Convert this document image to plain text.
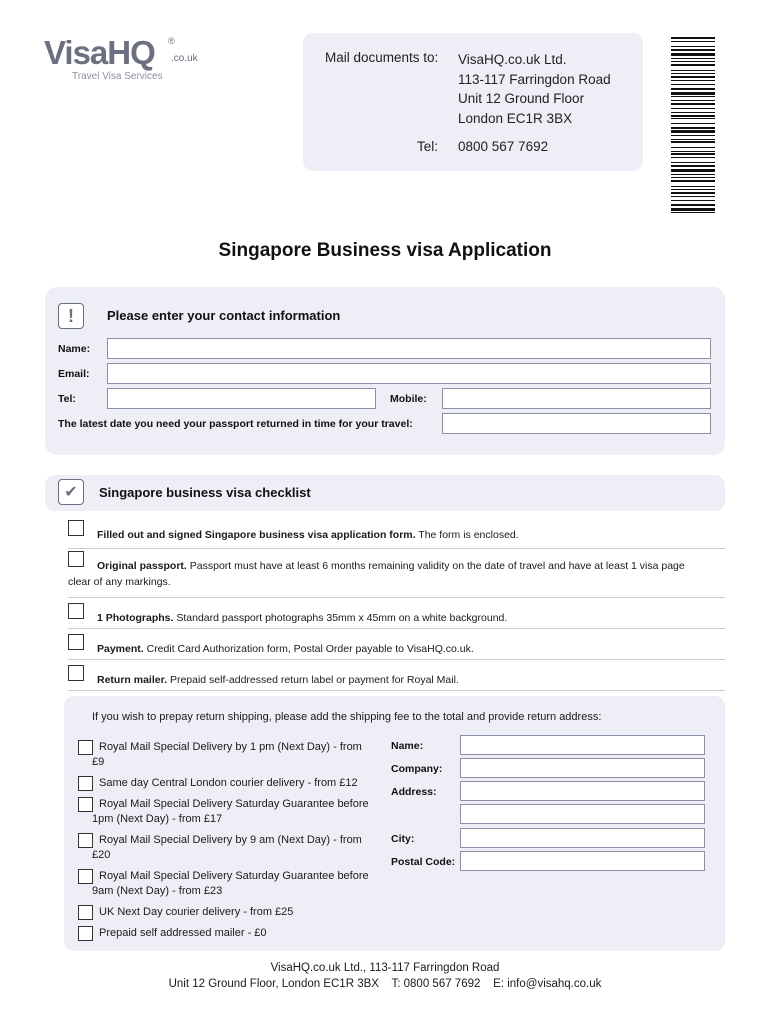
VisaHQ ®
.co.uk
Travel Visa Services
Mail documents to: VisaHQ.co.uk Ltd.
113-117 Farringdon Road
Unit 12 Ground Floor
London EC1R 3BX
Tel: 0800 567 7692
Singapore Business visa Application
!	Please enter your contact information
Name:
Email:
Tel:	Mobile:
The latest date you need your passport returned in time for your travel:
✔	Singapore business visa checklist
Filled out and signed Singapore business visa application form. The form is enclosed.
Original passport. Passport must have at least 6 months remaining validity on the date of travel and have at least 1 visa page
clear of any markings.
1 Photographs. Standard passport photographs 35mm x 45mm on a white background.
Payment. Credit Card Authorization form, Postal Order payable to VisaHQ.co.uk.
Return mailer. Prepaid self-addressed return label or payment for Royal Mail.
If you wish to prepay return shipping, please add the shipping fee to the total and provide return address:
Royal Mail Special Delivery by 1 pm (Next Day) - from
£9
Same day Central London courier delivery - from £12
Royal Mail Special Delivery Saturday Guarantee before
1pm (Next Day) - from £17
Royal Mail Special Delivery by 9 am (Next Day) - from
£20
Royal Mail Special Delivery Saturday Guarantee before
9am (Next Day) - from £23
UK Next Day courier delivery - from £25
Prepaid self addressed mailer - £0
Name:
Company:
Address:
City:
Postal Code:
VisaHQ.co.uk Ltd., 113-117 Farringdon Road
Unit 12 Ground Floor, London EC1R 3BX    T: 0800 567 7692    E: info@visahq.co.uk
